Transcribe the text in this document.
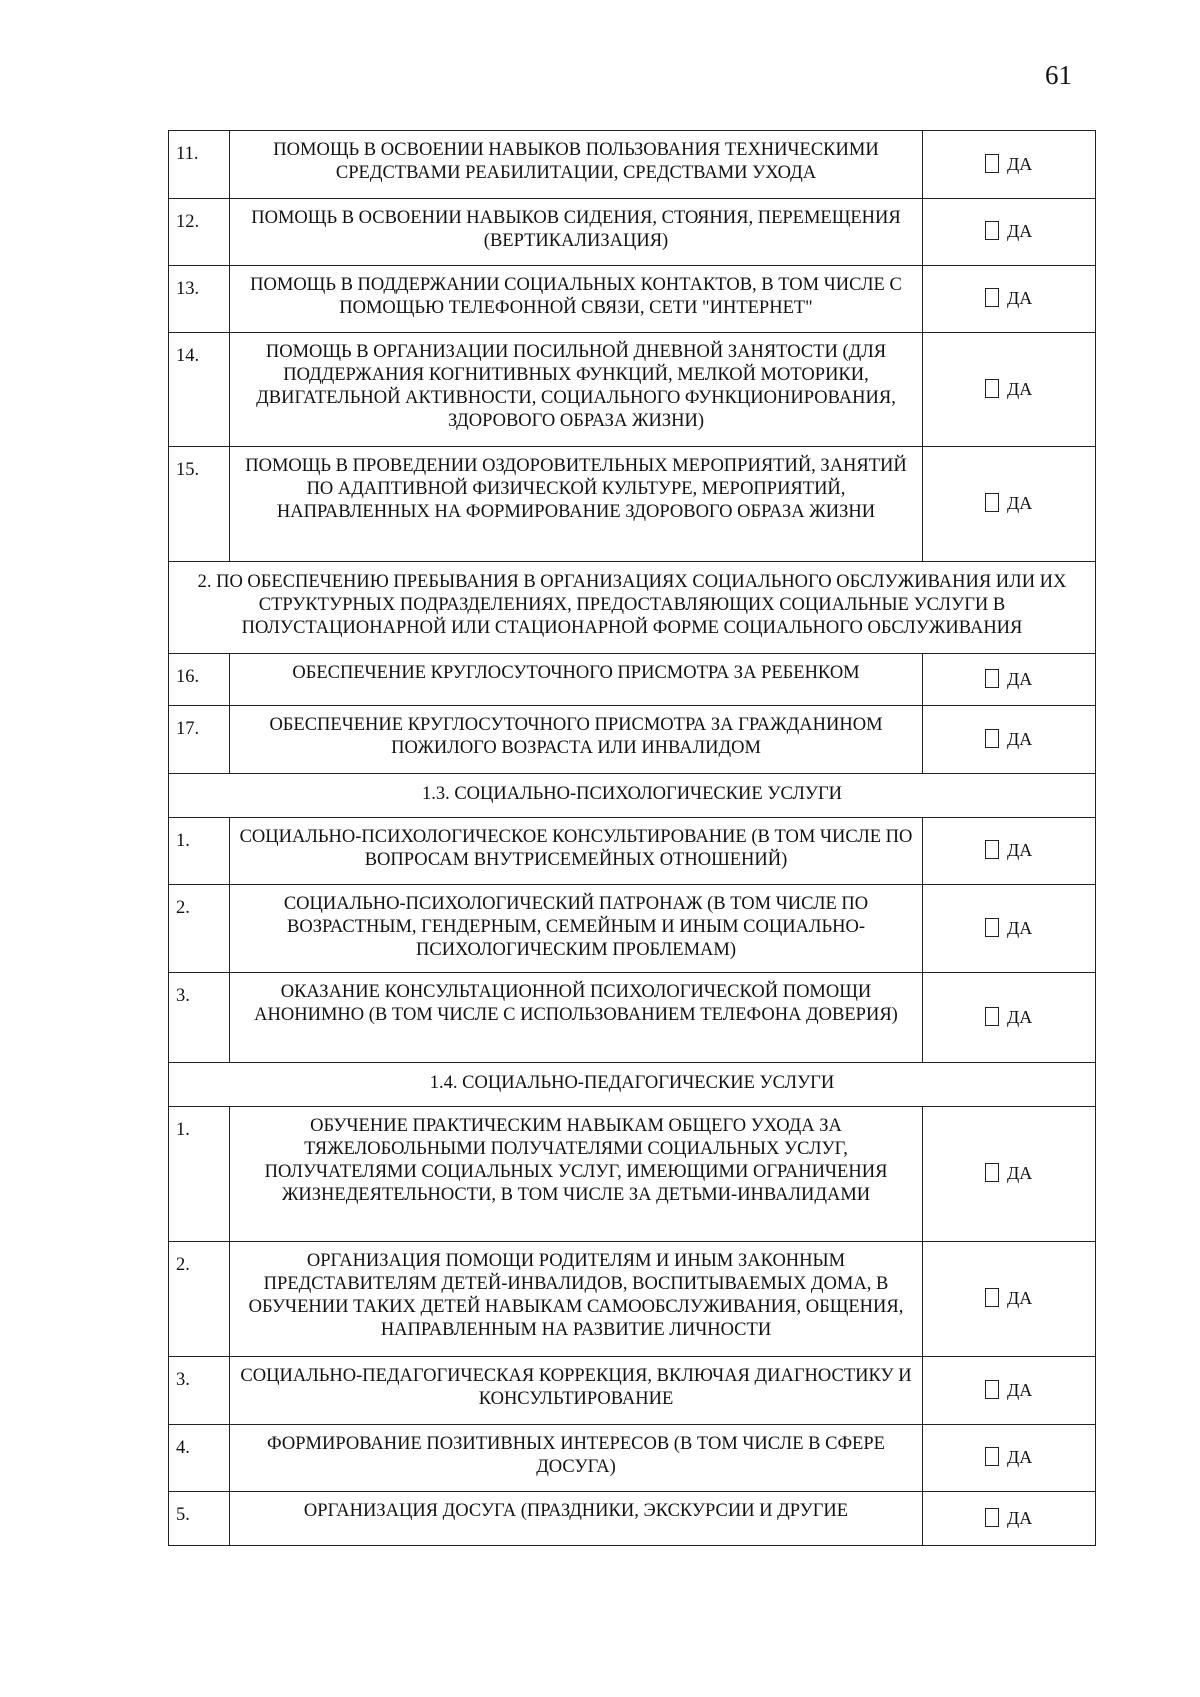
61
11.	ПОМОЩЬ В ОСВОЕНИИ НАВЫКОВ ПОЛЬЗОВАНИЯ ТЕХНИЧЕСКИМИ СРЕДСТВАМИ РЕАБИЛИТАЦИИ, СРЕДСТВАМИ УХОДА	ДА
12.	ПОМОЩЬ В ОСВОЕНИИ НАВЫКОВ СИДЕНИЯ, СТОЯНИЯ, ПЕРЕМЕЩЕНИЯ (ВЕРТИКАЛИЗАЦИЯ)	ДА
13.	ПОМОЩЬ В ПОДДЕРЖАНИИ СОЦИАЛЬНЫХ КОНТАКТОВ, В ТОМ ЧИСЛЕ С ПОМОЩЬЮ ТЕЛЕФОННОЙ СВЯЗИ, СЕТИ "ИНТЕРНЕТ"	ДА
14.	ПОМОЩЬ В ОРГАНИЗАЦИИ ПОСИЛЬНОЙ ДНЕВНОЙ ЗАНЯТОСТИ (ДЛЯ ПОДДЕРЖАНИЯ КОГНИТИВНЫХ ФУНКЦИЙ, МЕЛКОЙ МОТОРИКИ, ДВИГАТЕЛЬНОЙ АКТИВНОСТИ, СОЦИАЛЬНОГО ФУНКЦИОНИРОВАНИЯ, ЗДОРОВОГО ОБРАЗА ЖИЗНИ)	ДА
15.	ПОМОЩЬ В ПРОВЕДЕНИИ ОЗДОРОВИТЕЛЬНЫХ МЕРОПРИЯТИЙ, ЗАНЯТИЙ ПО АДАПТИВНОЙ ФИЗИЧЕСКОЙ КУЛЬТУРЕ, МЕРОПРИЯТИЙ, НАПРАВЛЕННЫХ НА ФОРМИРОВАНИЕ ЗДОРОВОГО ОБРАЗА ЖИЗНИ	ДА
2. ПО ОБЕСПЕЧЕНИЮ ПРЕБЫВАНИЯ В ОРГАНИЗАЦИЯХ СОЦИАЛЬНОГО ОБСЛУЖИВАНИЯ ИЛИ ИХ СТРУКТУРНЫХ ПОДРАЗДЕЛЕНИЯХ, ПРЕДОСТАВЛЯЮЩИХ СОЦИАЛЬНЫЕ УСЛУГИ В ПОЛУСТАЦИОНАРНОЙ ИЛИ СТАЦИОНАРНОЙ ФОРМЕ СОЦИАЛЬНОГО ОБСЛУЖИВАНИЯ		
16.	ОБЕСПЕЧЕНИЕ КРУГЛОСУТОЧНОГО ПРИСМОТРА ЗА РЕБЕНКОМ	ДА
17.	ОБЕСПЕЧЕНИЕ КРУГЛОСУТОЧНОГО ПРИСМОТРА ЗА ГРАЖДАНИНОМ ПОЖИЛОГО ВОЗРАСТА ИЛИ ИНВАЛИДОМ	ДА
1.3. СОЦИАЛЬНО-ПСИХОЛОГИЧЕСКИЕ УСЛУГИ		
1.	СОЦИАЛЬНО-ПСИХОЛОГИЧЕСКОЕ КОНСУЛЬТИРОВАНИЕ (В ТОМ ЧИСЛЕ ПО ВОПРОСАМ ВНУТРИСЕМЕЙНЫХ ОТНОШЕНИЙ)	ДА
2.	СОЦИАЛЬНО-ПСИХОЛОГИЧЕСКИЙ ПАТРОНАЖ (В ТОМ ЧИСЛЕ ПО ВОЗРАСТНЫМ, ГЕНДЕРНЫМ, СЕМЕЙНЫМ И ИНЫМ СОЦИАЛЬНО-ПСИХОЛОГИЧЕСКИМ ПРОБЛЕМАМ)	ДА
3.	ОКАЗАНИЕ КОНСУЛЬТАЦИОННОЙ ПСИХОЛОГИЧЕСКОЙ ПОМОЩИ АНОНИМНО (В ТОМ ЧИСЛЕ С ИСПОЛЬЗОВАНИЕМ ТЕЛЕФОНА ДОВЕРИЯ)	ДА
1.4. СОЦИАЛЬНО-ПЕДАГОГИЧЕСКИЕ УСЛУГИ		
1.	ОБУЧЕНИЕ ПРАКТИЧЕСКИМ НАВЫКАМ ОБЩЕГО УХОДА ЗА ТЯЖЕЛОБОЛЬНЫМИ ПОЛУЧАТЕЛЯМИ СОЦИАЛЬНЫХ УСЛУГ, ПОЛУЧАТЕЛЯМИ СОЦИАЛЬНЫХ УСЛУГ, ИМЕЮЩИМИ ОГРАНИЧЕНИЯ ЖИЗНЕДЕЯТЕЛЬНОСТИ, В ТОМ ЧИСЛЕ ЗА ДЕТЬМИ-ИНВАЛИДАМИ	ДА
2.	ОРГАНИЗАЦИЯ ПОМОЩИ РОДИТЕЛЯМ И ИНЫМ ЗАКОННЫМ ПРЕДСТАВИТЕЛЯМ ДЕТЕЙ-ИНВАЛИДОВ, ВОСПИТЫВАЕМЫХ ДОМА, В ОБУЧЕНИИ ТАКИХ ДЕТЕЙ НАВЫКАМ САМООБСЛУЖИВАНИЯ, ОБЩЕНИЯ, НАПРАВЛЕННЫМ НА РАЗВИТИЕ ЛИЧНОСТИ	ДА
3.	СОЦИАЛЬНО-ПЕДАГОГИЧЕСКАЯ КОРРЕКЦИЯ, ВКЛЮЧАЯ ДИАГНОСТИКУ И КОНСУЛЬТИРОВАНИЕ	ДА
4.	ФОРМИРОВАНИЕ ПОЗИТИВНЫХ ИНТЕРЕСОВ (В ТОМ ЧИСЛЕ В СФЕРЕ ДОСУГА)	ДА
5.	ОРГАНИЗАЦИЯ ДОСУГА (ПРАЗДНИКИ, ЭКСКУРСИИ И ДРУГИЕ	ДА
